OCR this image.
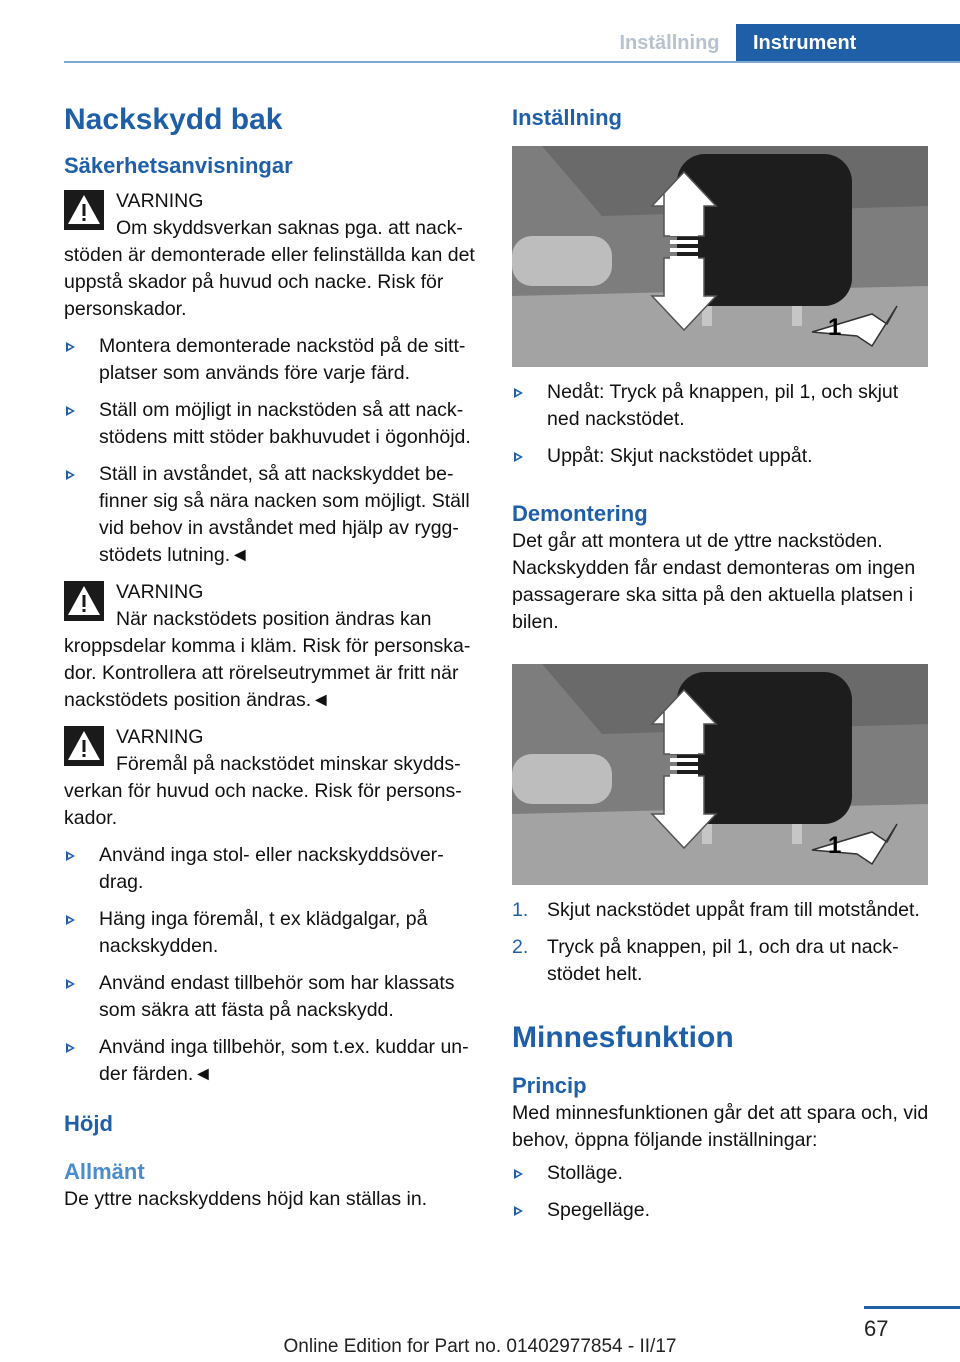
Inställning	Instrument
Nackskydd bak
Säkerhetsanvisningar
VARNING
Om skyddsverkan saknas pga. att nackstöden är demonterade eller felinställda kan det uppstå skador på huvud och nacke. Risk för personskador.
Montera demonterade nackstöd på de sittplatser som används före varje färd.
Ställ om möjligt in nackstöden så att nackstödens mitt stöder bakhuvudet i ögonhöjd.
Ställ in avståndet, så att nackskyddet befinner sig så nära nacken som möjligt. Ställ vid behov in avståndet med hjälp av ryggstödets lutning.◄
VARNING
När nackstödets position ändras kan kroppsdelar komma i kläm. Risk för personskador. Kontrollera att rörelseutrymmet är fritt när nackstödets position ändras.◄
VARNING
Föremål på nackstödet minskar skyddsverkan för huvud och nacke. Risk för personskador.
Använd inga stol- eller nackskyddsöverdrag.
Häng inga föremål, t ex klädgalgar, på nackskydden.
Använd endast tillbehör som har klassats som säkra att fästa på nackskydd.
Använd inga tillbehör, som t.ex. kuddar under färden.◄
Höjd
Allmänt

De yttre nackskyddens höjd kan ställas in.

Inställning
1
Nedåt: Tryck på knappen, pil 1, och skjut ned nackstödet.
Uppåt: Skjut nackstödet uppåt.
Demontering

Det går att montera ut de yttre nackstöden. Nackskydden får endast demonteras om ingen passagerare ska sitta på den aktuella platsen i bilen.

1
1. Skjut nackstödet uppåt fram till motståndet.
2. Tryck på knappen, pil 1, och dra ut nackstödet helt.
Minnesfunktion
Princip

Med minnesfunktionen går det att spara och, vid behov, öppna följande inställningar:

Stolläge.
Spegelläge.
67
Online Edition for Part no. 01402977854 - II/17
